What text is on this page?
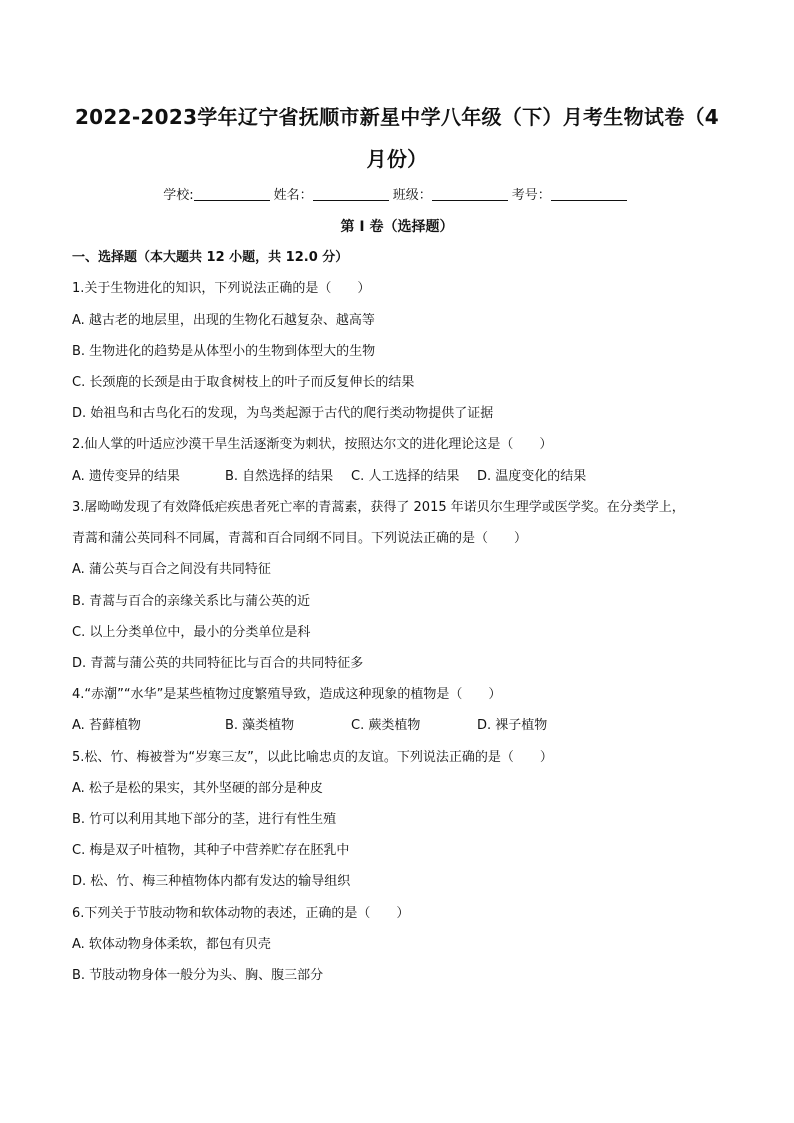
2022-2023学年辽宁省抚顺市新星中学八年级（下）月考生物试卷（4
月份）
学校:	姓名：	班级：	考号：
第 I 卷（选择题）
一、选择题（本大题共 12 小题，共 12.0 分）
1.关于生物进化的知识，下列说法正确的是（　　）
A. 越古老的地层里，出现的生物化石越复杂、越高等
B. 生物进化的趋势是从体型小的生物到体型大的生物
C. 长颈鹿的长颈是由于取食树枝上的叶子而反复伸长的结果
D. 始祖鸟和古鸟化石的发现，为鸟类起源于古代的爬行类动物提供了证据
2.仙人掌的叶适应沙漠干旱生活逐渐变为刺状，按照达尔文的进化理论这是（　　）
A. 遗传变异的结果	B. 自然选择的结果 C. 人工选择的结果 D. 温度变化的结果
3.屠呦呦发现了有效降低疟疾患者死亡率的青蒿素，获得了 2015 年诺贝尔生理学或医学奖。在分类学上，
青蒿和蒲公英同科不同属，青蒿和百合同纲不同目。下列说法正确的是（　　）
A. 蒲公英与百合之间没有共同特征
B. 青蒿与百合的亲缘关系比与蒲公英的近
C. 以上分类单位中，最小的分类单位是科
D. 青蒿与蒲公英的共同特征比与百合的共同特征多
4.“赤潮”“水华”是某些植物过度繁殖导致，造成这种现象的植物是（　　）
A. 苔藓植物	B. 藻类植物	C. 蕨类植物	D. 裸子植物
5.松、竹、梅被誉为“岁寒三友”，以此比喻忠贞的友谊。下列说法正确的是（　　）
A. 松子是松的果实，其外坚硬的部分是种皮
B. 竹可以利用其地下部分的茎，进行有性生殖
C. 梅是双子叶植物，其种子中营养贮存在胚乳中
D. 松、竹、梅三种植物体内都有发达的输导组织
6.下列关于节肢动物和软体动物的表述，正确的是（　　）
A. 软体动物身体柔软，都包有贝壳
B. 节肢动物身体一般分为头、胸、腹三部分
